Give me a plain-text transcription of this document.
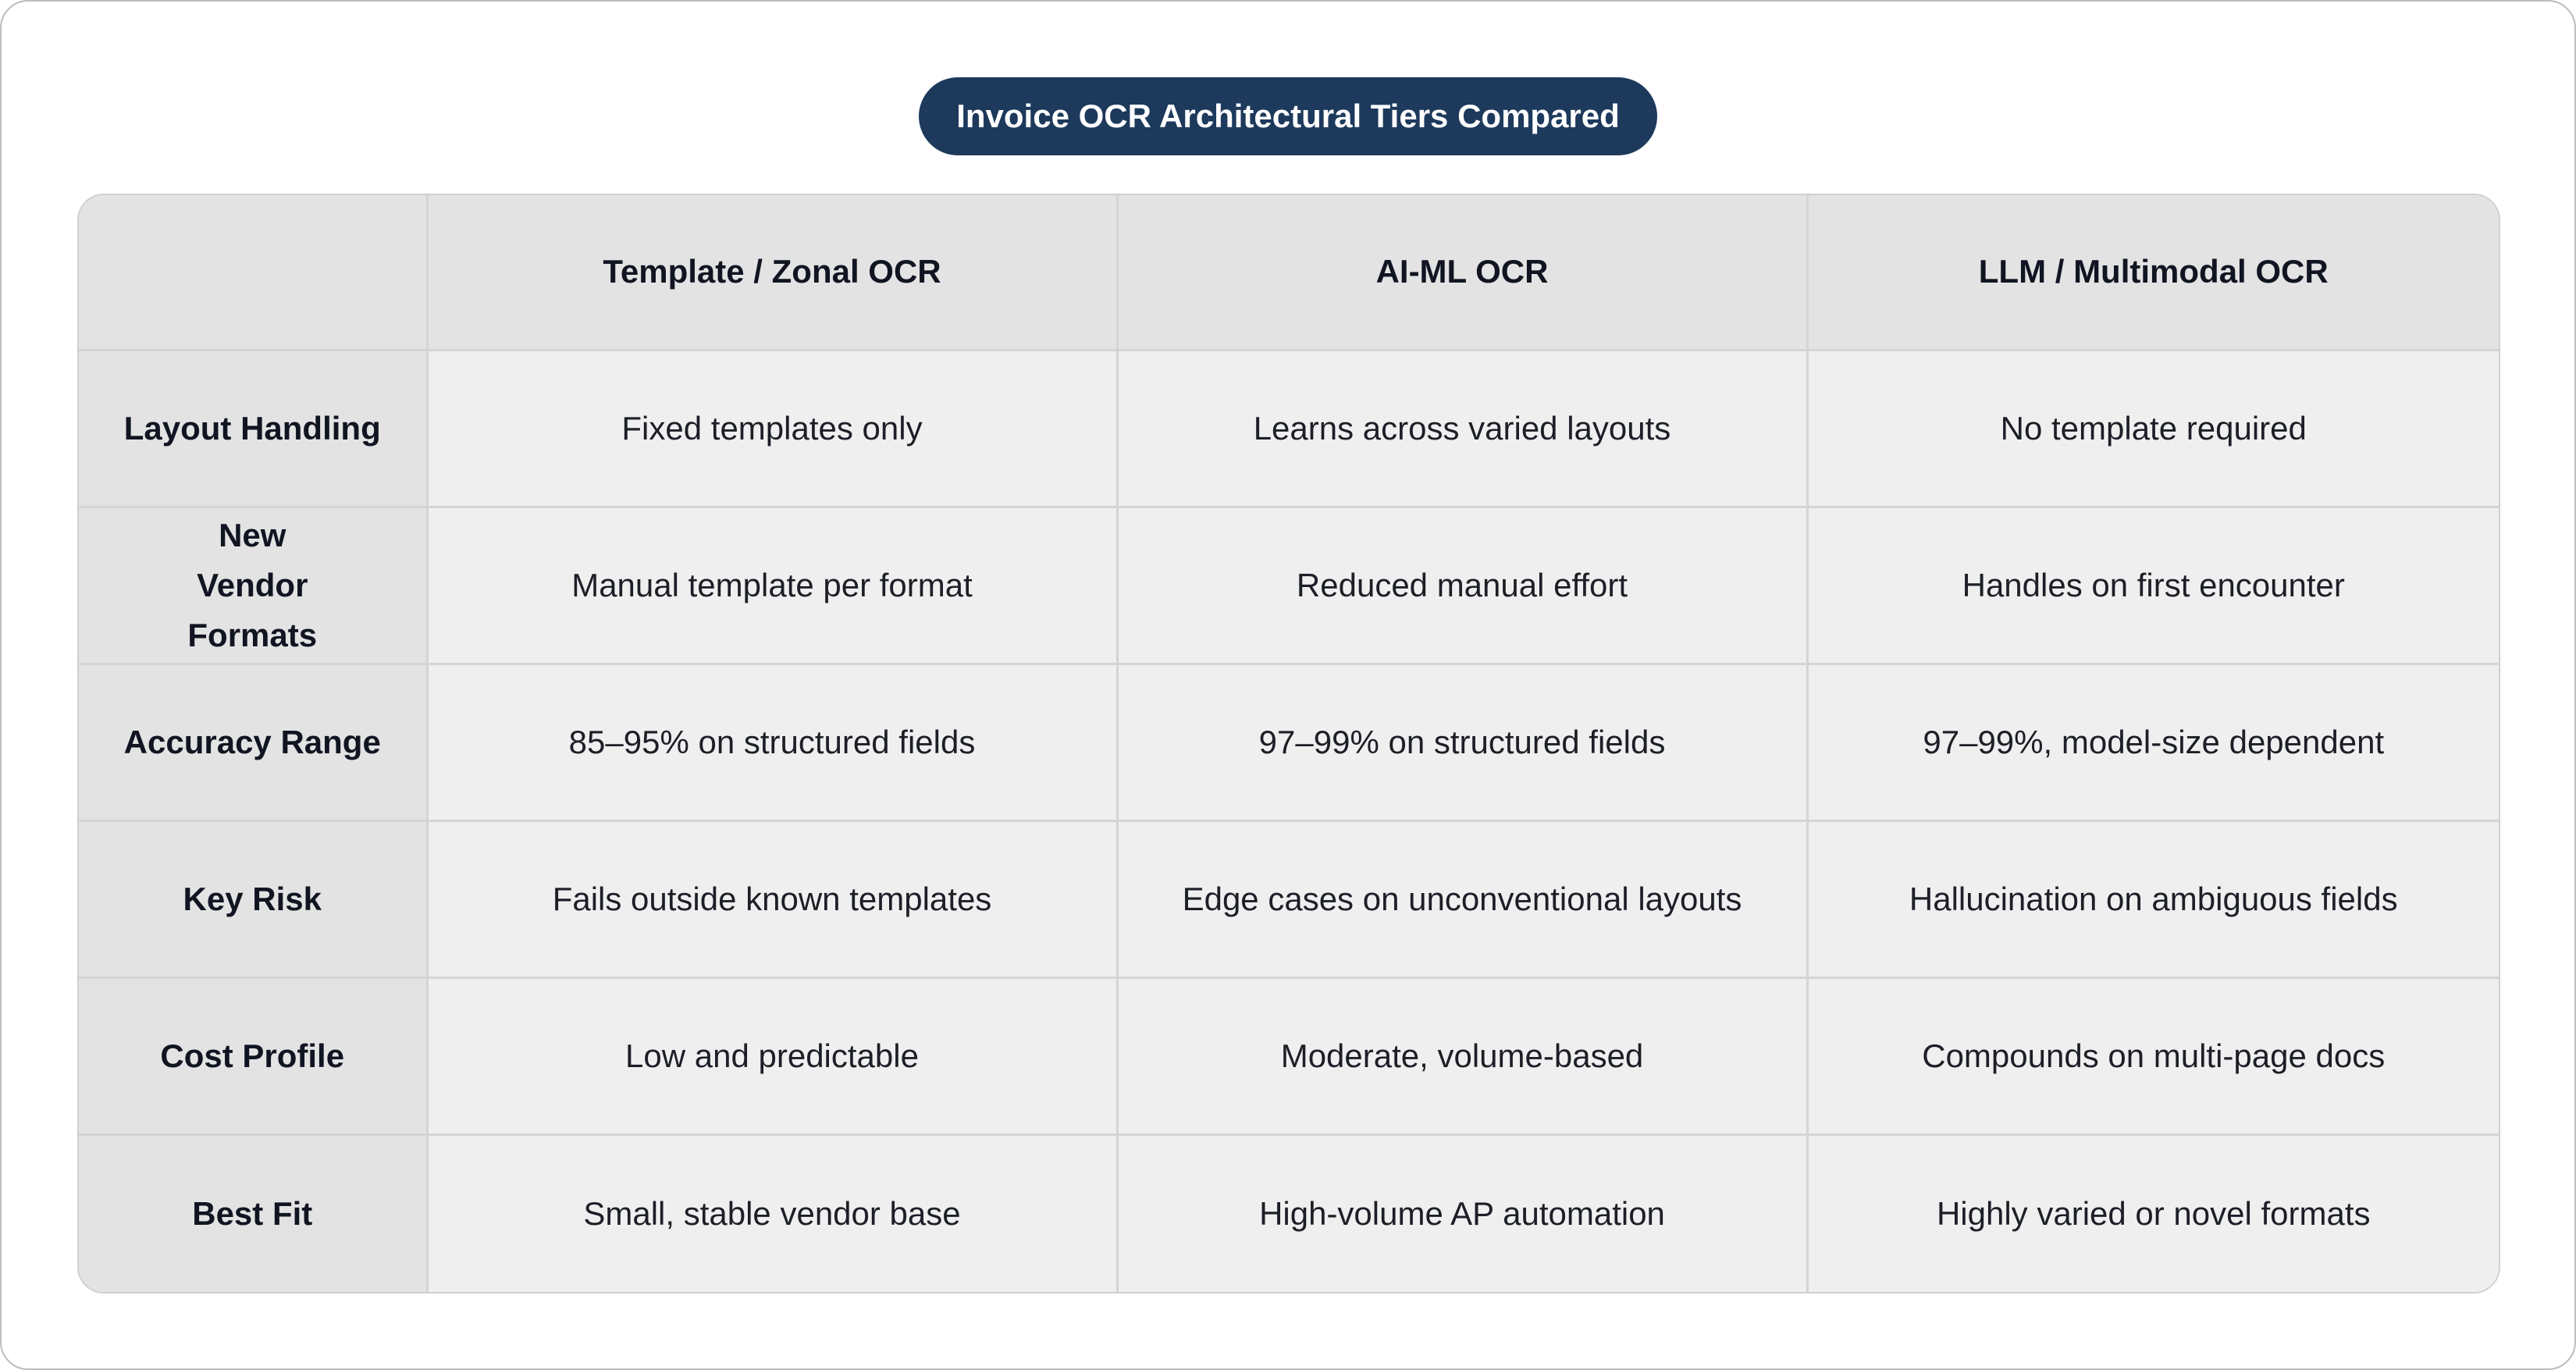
Invoice OCR Architectural Tiers Compared
	Template / Zonal OCR	AI-ML OCR	LLM / Multimodal OCR
Layout Handling	Fixed templates only	Learns across varied layouts	No template required
New Vendor Formats	Manual template per format	Reduced manual effort	Handles on first encounter
Accuracy Range	85–95% on structured fields	97–99% on structured fields	97–99%, model-size dependent
Key Risk	Fails outside known templates	Edge cases on unconventional layouts	Hallucination on ambiguous fields
Cost Profile	Low and predictable	Moderate, volume-based	Compounds on multi-page docs
Best Fit	Small, stable vendor base	High-volume AP automation	Highly varied or novel formats
